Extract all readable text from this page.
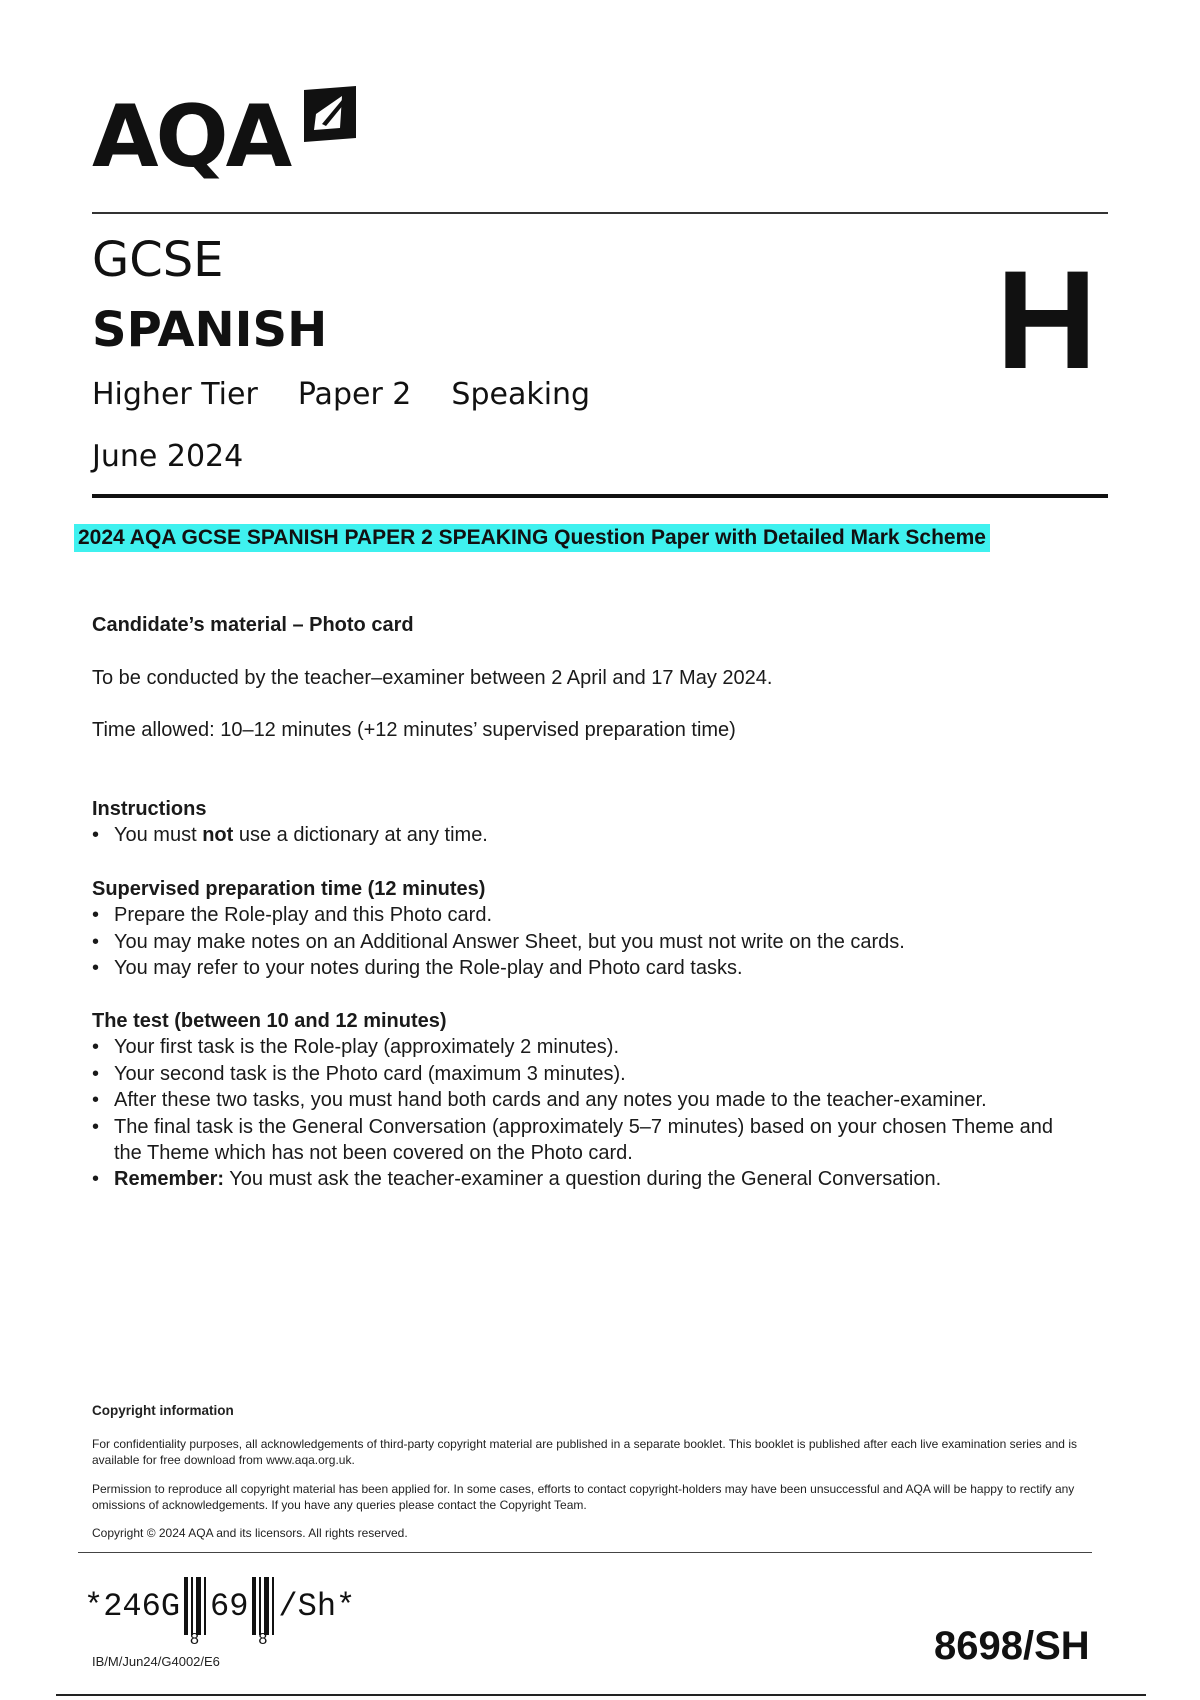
AQA
GCSE
SPANISH
Higher Tier Paper 2 Speaking
June 2024
H
2024 AQA GCSE SPANISH PAPER 2 SPEAKING Question Paper with Detailed Mark Scheme
Candidate’s material – Photo card
To be conducted by the teacher–examiner between 2 April and 17 May 2024.
Time allowed: 10–12 minutes (+12 minutes’ supervised preparation time)
Instructions
• You must not use a dictionary at any time.
Supervised preparation time (12 minutes)
• Prepare the Role-play and this Photo card.
• You may make notes on an Additional Answer Sheet, but you must not write on the cards.
• You may refer to your notes during the Role-play and Photo card tasks.
The test (between 10 and 12 minutes)
• Your first task is the Role-play (approximately 2 minutes).
• Your second task is the Photo card (maximum 3 minutes).
• After these two tasks, you must hand both cards and any notes you made to the teacher-examiner.
• The final task is the General Conversation (approximately 5–7 minutes) based on your chosen Theme and the Theme which has not been covered on the Photo card.
• Remember: You must ask the teacher-examiner a question during the General Conversation.

Copyright information

For confidentiality purposes, all acknowledgements of third-party copyright material are published in a separate booklet. This booklet is published after each live examination series and is available for free download from www.aqa.org.uk.

Permission to reproduce all copyright material has been applied for. In some cases, efforts to contact copyright-holders may have been unsuccessful and AQA will be happy to rectify any omissions of acknowledgements. If you have any queries please contact the Copyright Team.

Copyright © 2024 AQA and its licensors. All rights reserved.

*246G
8
69
8
/Sh*
IB/M/Jun24/G4002/E6	8698/SH
